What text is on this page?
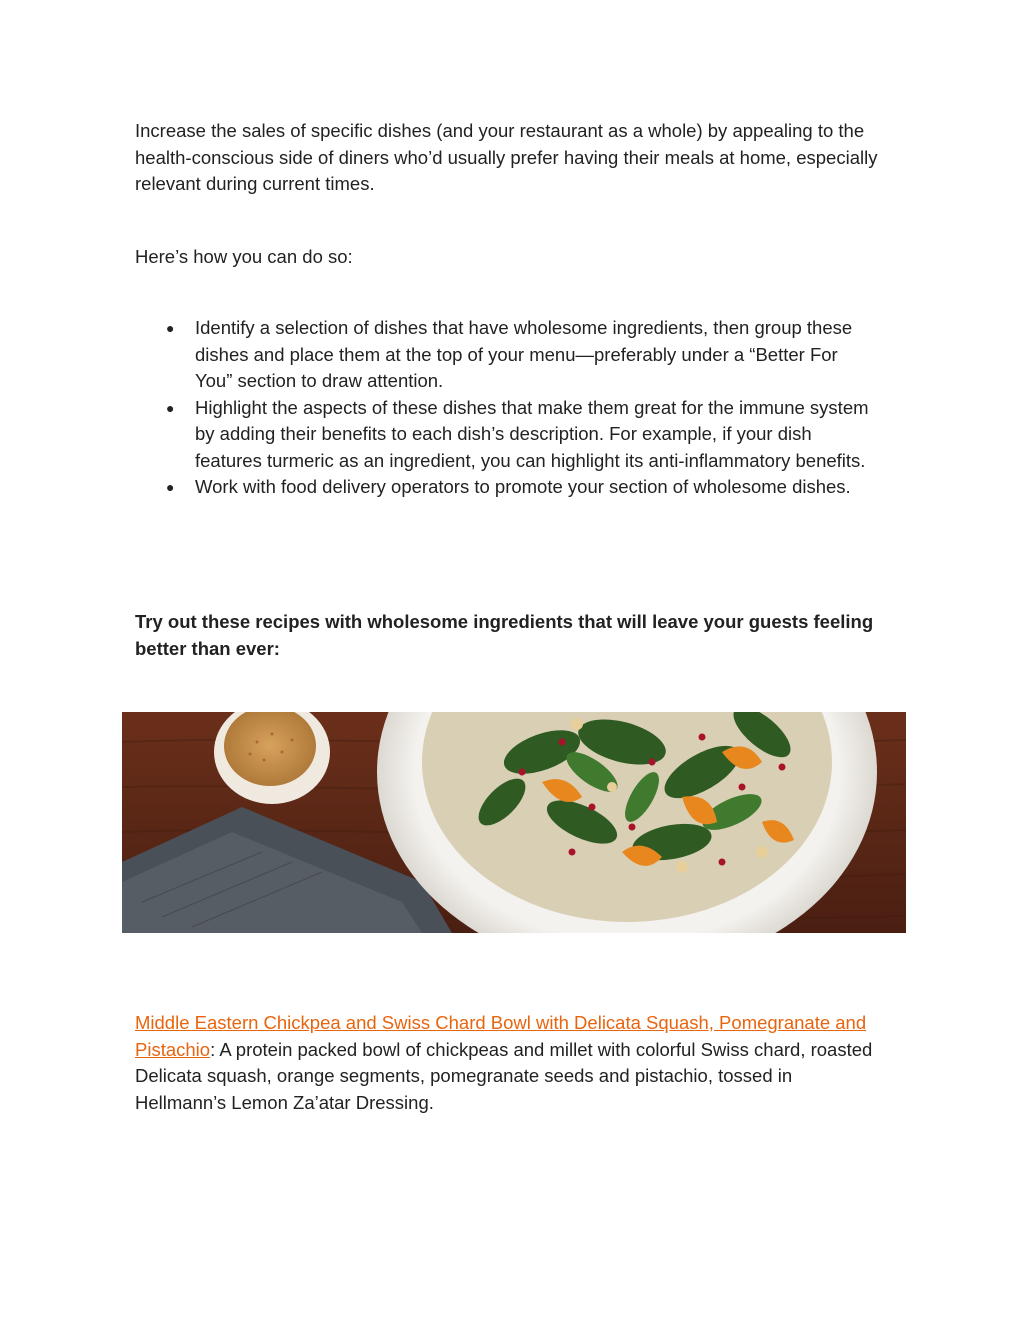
Increase the sales of specific dishes (and your restaurant as a whole) by appealing to the health-conscious side of diners who’d usually prefer having their meals at home, especially relevant during current times.

Here’s how you can do so:

● Identify a selection of dishes that have wholesome ingredients, then group these dishes and place them at the top of your menu—preferably under a “Better For You” section to draw attention.
● Highlight the aspects of these dishes that make them great for the immune system by adding their benefits to each dish’s description. For example, if your dish features turmeric as an ingredient, you can highlight its anti-inflammatory benefits.
● Work with food delivery operators to promote your section of wholesome dishes.

Try out these recipes with wholesome ingredients that will leave your guests feeling better than ever:

Middle Eastern Chickpea and Swiss Chard Bowl with Delicata Squash, Pomegranate and Pistachio: A protein packed bowl of chickpeas and millet with colorful Swiss chard, roasted Delicata squash, orange segments, pomegranate seeds and pistachio, tossed in Hellmann’s Lemon Za’atar Dressing.
